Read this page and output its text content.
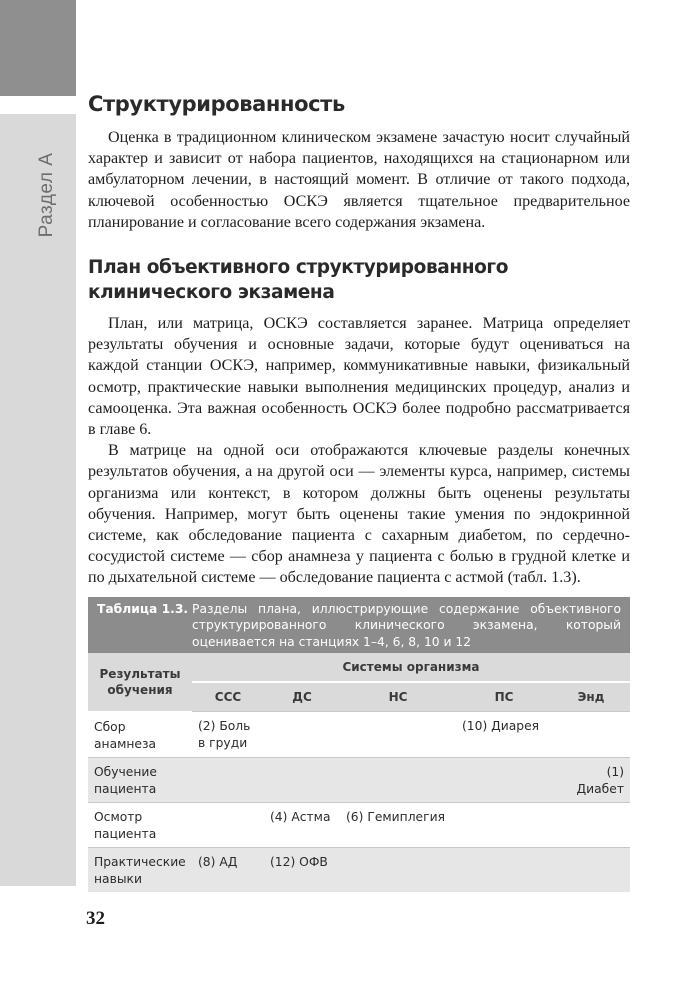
Раздел А
Структурированность

Оценка в традиционном клиническом экзамене зачастую носит случайный характер и зависит от набора пациентов, находящихся на стационарном или амбулаторном лечении, в настоящий момент. В отличие от такого подхода, ключевой особенностью ОСКЭ является тщательное предварительное планирование и согласование всего содержания экзамена.

План объективного структурированного клинического экзамена

План, или матрица, ОСКЭ составляется заранее. Матрица определяет результаты обучения и основные задачи, которые будут оцениваться на каждой станции ОСКЭ, например, коммуникативные навыки, физикальный осмотр, практические навыки выполнения медицинских процедур, анализ и самооценка. Эта важная особенность ОСКЭ более подробно рассматривается в главе 6.

В матрице на одной оси отображаются ключевые разделы конечных результатов обучения, а на другой оси — элементы курса, например, системы организма или контекст, в котором должны быть оценены результаты обучения. Например, могут быть оценены такие умения по эндокринной системе, как обследование пациента с сахарным диабетом, по сердечно-сосудистой системе — сбор анамнеза у пациента с болью в грудной клетке и по дыхательной системе — обследование пациента с астмой (табл. 1.3).

Таблица 1.3. Разделы плана, иллюстрирующие содержание объективного структурированного клинического экзамена, который оценивается на станциях 1–4, 6, 8, 10 и 12
Результаты обучения	Системы организма				
	ССС	ДС	НС	ПС	Энд
Сбор анамнеза	(2) Боль в груди			(10) Диарея	
Обучение пациента					(1) Диабет
Осмотр пациента		(4) Астма	(6) Гемиплегия		
Практические навыки	(8) АД	(12) ОФВ			
32
